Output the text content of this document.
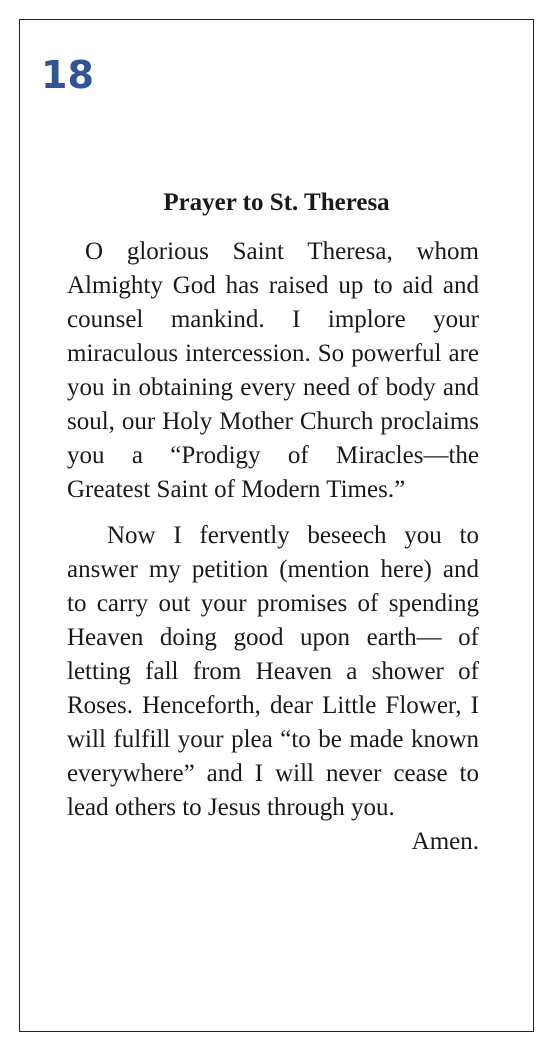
18
Prayer to St. Theresa

O glorious Saint Theresa, whom Almighty God has raised up to aid and counsel mankind. I implore your miraculous intercession. So powerful are you in obtaining every need of body and soul, our Holy Mother Church proclaims you a “Prodigy of Miracles—the Greatest Saint of Modern Times.”

Now I fervently beseech you to answer my petition (mention here) and to carry out your promises of spending Heaven doing good upon earth— of letting fall from Heaven a shower of Roses. Henceforth, dear Little Flower, I will fulfill your plea “to be made known everywhere” and I will never cease to lead others to Jesus through you.

Amen.
